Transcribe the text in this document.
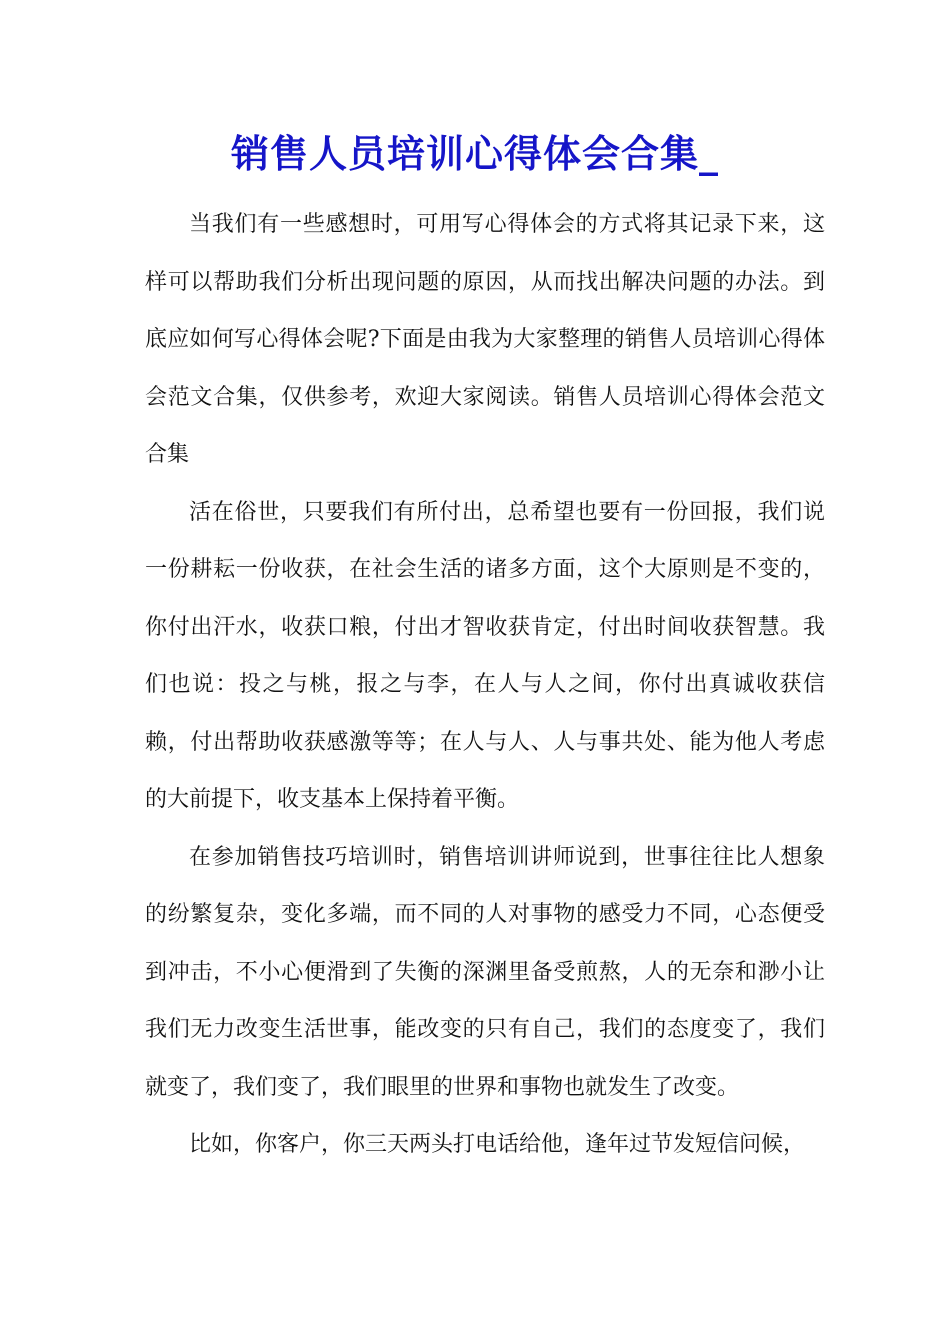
销售人员培训心得体会合集_

当我们有一些感想时，可用写心得体会的方式将其记录下来，这样可以帮助我们分析出现问题的原因，从而找出解决问题的办法。到底应如何写心得体会呢?下面是由我为大家整理的销售人员培训心得体会范文合集，仅供参考，欢迎大家阅读。销售人员培训心得体会范文合集

活在俗世，只要我们有所付出，总希望也要有一份回报，我们说一份耕耘一份收获，在社会生活的诸多方面，这个大原则是不变的，你付出汗水，收获口粮，付出才智收获肯定，付出时间收获智慧。我们也说：投之与桃，报之与李，在人与人之间，你付出真诚收获信赖，付出帮助收获感激等等；在人与人、人与事共处、能为他人考虑的大前提下，收支基本上保持着平衡。

在参加销售技巧培训时，销售培训讲师说到，世事往往比人想象的纷繁复杂，变化多端，而不同的人对事物的感受力不同，心态便受到冲击，不小心便滑到了失衡的深渊里备受煎熬，人的无奈和渺小让我们无力改变生活世事，能改变的只有自己，我们的态度变了，我们就变了，我们变了，我们眼里的世界和事物也就发生了改变。

比如，你客户，你三天两头打电话给他，逢年过节发短信问候，
